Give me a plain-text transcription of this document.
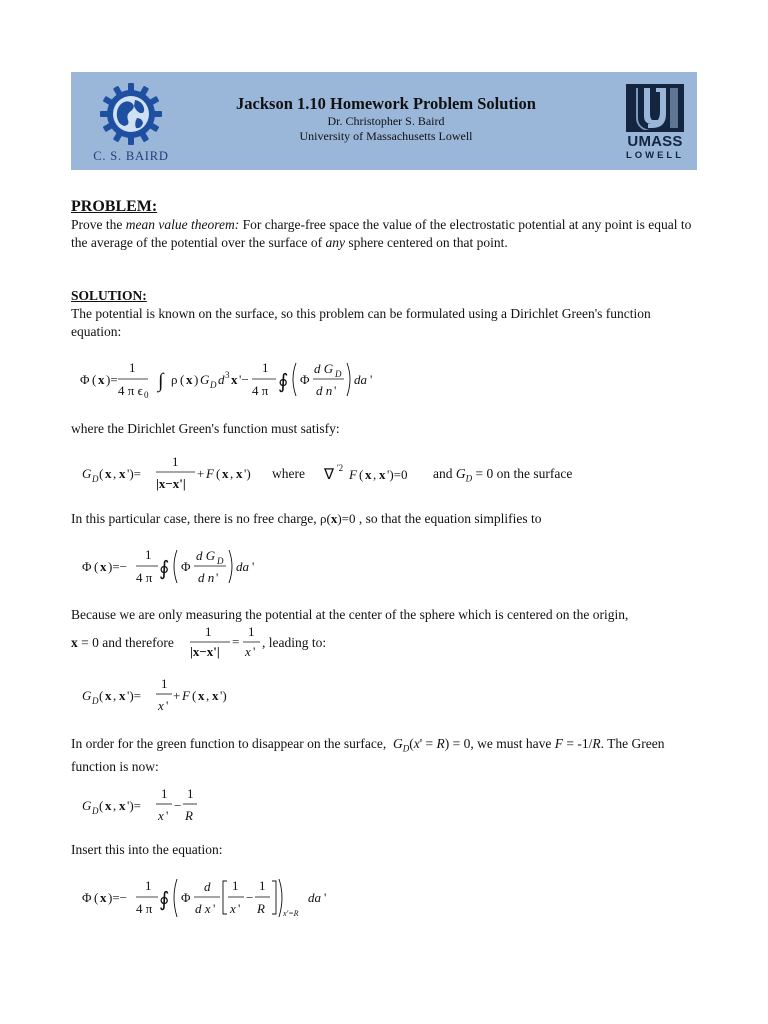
C. S. BAIRD
Jackson 1.10 Homework Problem Solution
Dr. Christopher S. Baird
University of Massachusetts Lowell	UMASS
LOWELL
PROBLEM:
Prove the mean value theorem: For charge-free space the value of the electrostatic potential at any point is equal to the average of the potential over the surface of any sphere centered on that point.
SOLUTION:
The potential is known on the surface, so this problem can be formulated using a Dirichlet Green's function equation:
Φ ( x )=
1
4 π ϵ 0
∫ ρ ( x ) G D d 3 x '−
1
4 π ∮ Φ
d G D
d n '
da '
where the Dirichlet Green's function must satisfy:
G D ( x , x ')=
1
|x−x'|
+ F ( x , x ') where ∇ '2 F ( x , x ')=0 and $G_D = 0$ on the surface
In this particular case, there is no free charge, ρ(x)=0 , so that the equation simplifies to
Φ ( x )=−
1
4 π ∮ Φ
d G D
d n '
da '
Because we are only measuring the potential at the center of the sphere which is centered on the origin,
x = 0 and therefore
1
|x−x'|
=
1
x '
, leading to:
G D ( x , x ')=
1
x '
+ F ( x , x ')
In order for the green function to disappear on the surface, $G_D(x' = R) = 0$, we must have F = -1/R. The Green function is now:
G D ( x , x ')=
1
x '
−
1
R
Insert this into the equation:
Φ ( x )=−
1
4 π ∮ Φ
d
d x '
1
x '
−
1
R x'=R
da '
